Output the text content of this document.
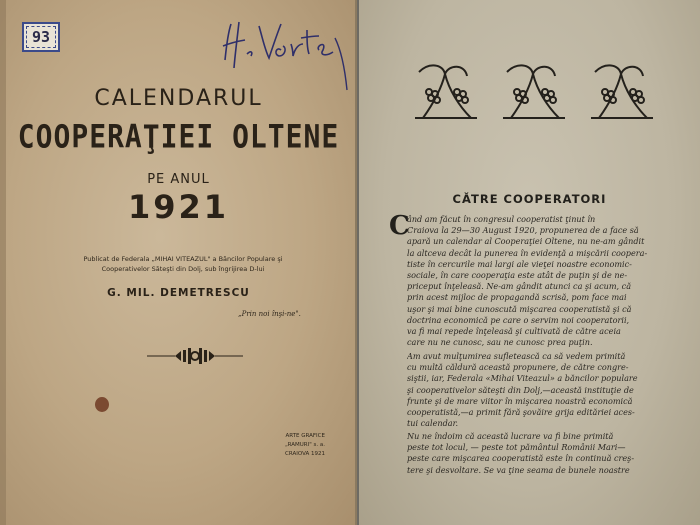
93
CALENDARUL
COOPERAŢIEI OLTENE
PE ANUL
1921
Publicat de Federala „MIHAI VITEAZUL" a Băncilor Populare şi
Cooperativelor Săteşti din Dolj, sub îngrijirea D-lui
G. MIL. DEMETRESCU
„Prin noi înşi-ne".
ARTE GRAFICE
„RAMURI" s. a.
CRAIOVA 1921
CĂTRE COOPERATORI
C
ând am făcut în congresul cooperatist ţinut în
Craiova la 29—30 August 1920, propunerea de a face să
apară un calendar al Cooperaţiei Oltene, nu ne-am gândit
la altceva decât la punerea în evidenţă a mişcării coopera-
tiste în cercurile mai largi ale vieţei noastre economic-
sociale, în care cooperaţia este atât de puţin şi de ne-
priceput înţeleasă. Ne-am gândit atunci ca şi acum, că
prin acest mijloc de propagandă scrisă, pom face mai
uşor şi mai bine cunoscută mişcarea cooperatistă şi că
doctrina economică pe care o servim noi cooperatorii,
va fi mai repede înţeleasă şi cultivată de către aceia
care nu ne cunosc, sau ne cunosc prea puţin.
Am avut mulţumirea sufletească ca să vedem primită
cu multă căldură această propunere, de către congre-
siştii, iar, Federala «Mihai Viteazul» a băncilor populare
şi cooperativelor săteşti din Dolj,—această instituţie de
frunte şi de mare viitor în mişcarea noastră economică
cooperatistă,—a primit fără şovăire grija edităriei aces-
tui calendar.
Nu ne îndoim că această lucrare va fi bine primită
peste tot locul, — peste tot pământul Românii Mari—
peste care mişcarea cooperatistă este în continuă creş-
tere şi desvoltare. Se va ţine seama de bunele noastre
